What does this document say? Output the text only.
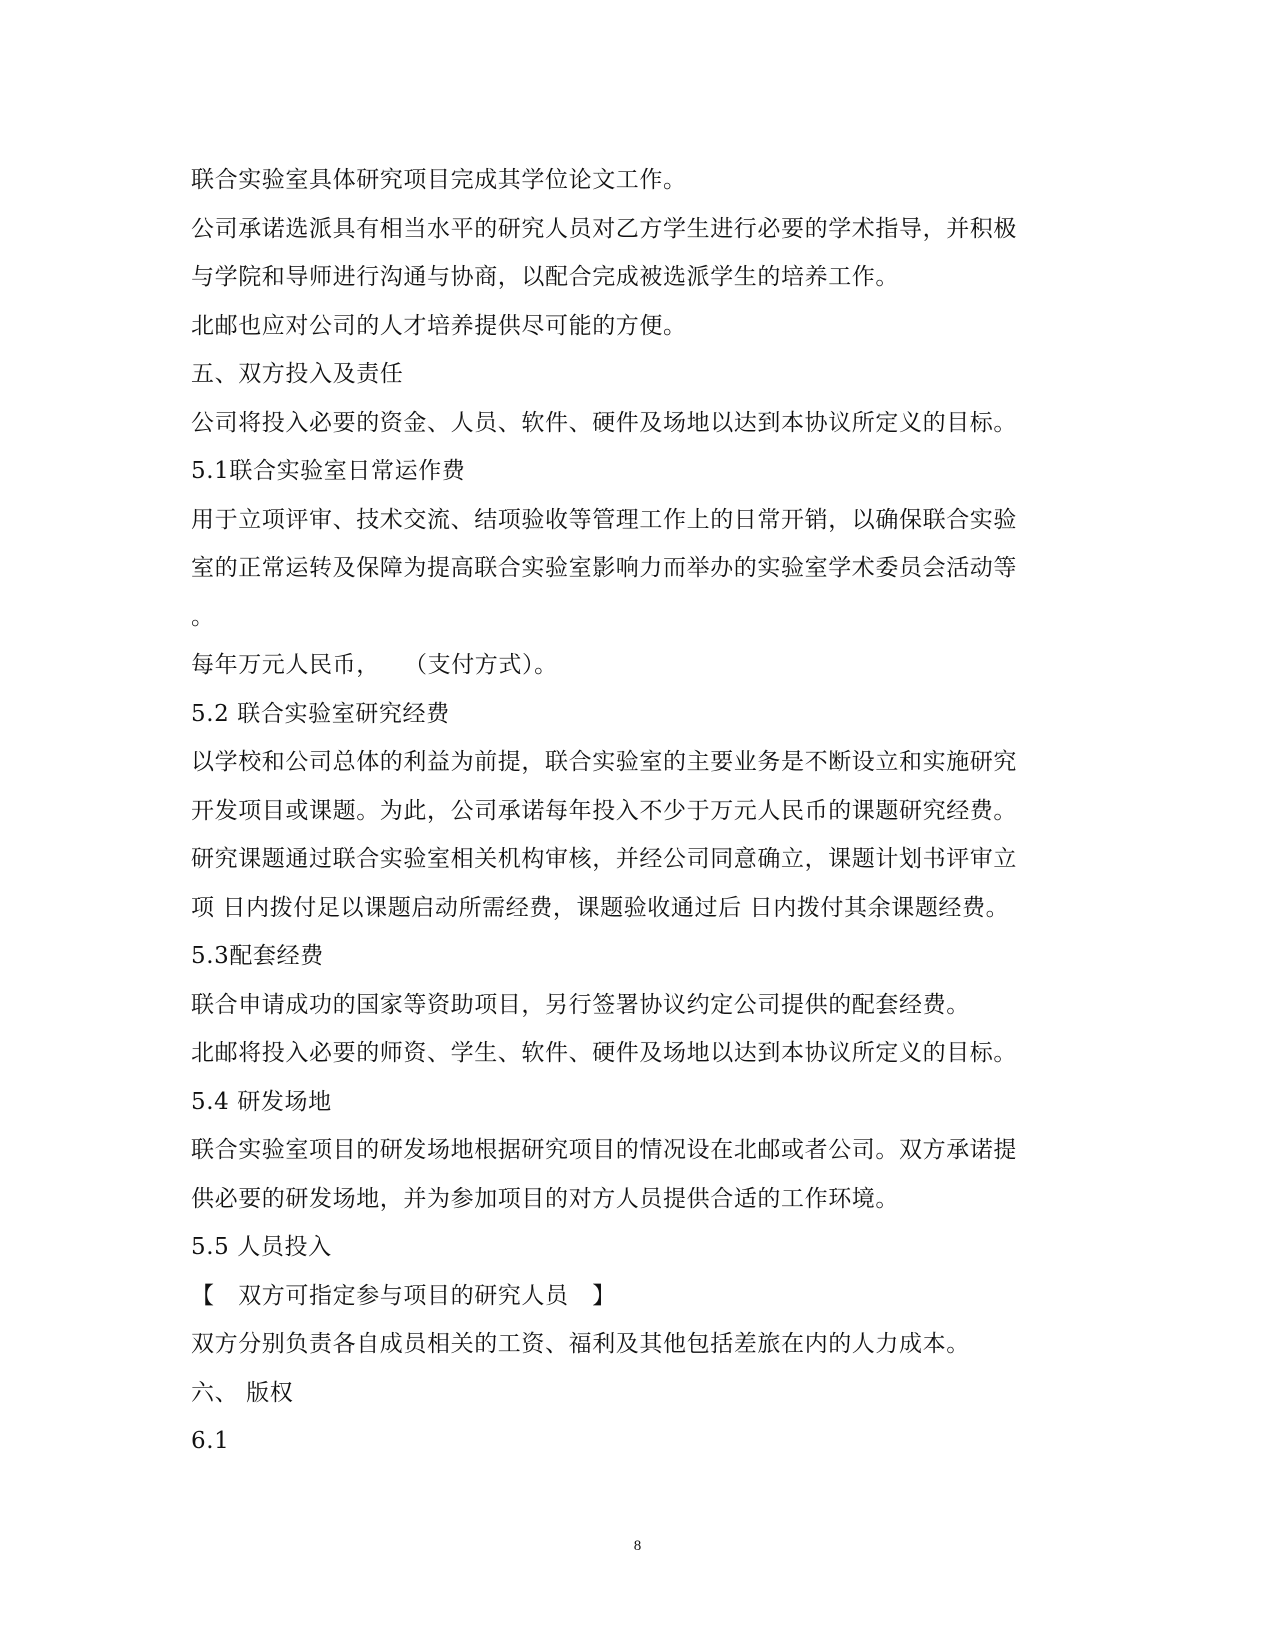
联合实验室具体研究项目完成其学位论文工作。
公司承诺选派具有相当水平的研究人员对乙方学生进行必要的学术指导，并积极
与学院和导师进行沟通与协商，以配合完成被选派学生的培养工作。
北邮也应对公司的人才培养提供尽可能的方便。
五、双方投入及责任
公司将投入必要的资金、人员、软件、硬件及场地以达到本协议所定义的目标。
5.1联合实验室日常运作费
用于立项评审、技术交流、结项验收等管理工作上的日常开销，以确保联合实验
室的正常运转及保障为提高联合实验室影响力而举办的实验室学术委员会活动等
。
每年万元人民币，　　（支付方式）。
5.2 联合实验室研究经费
以学校和公司总体的利益为前提，联合实验室的主要业务是不断设立和实施研究
开发项目或课题。为此，公司承诺每年投入不少于万元人民币的课题研究经费。
研究课题通过联合实验室相关机构审核，并经公司同意确立，课题计划书评审立
项 日内拨付足以课题启动所需经费，课题验收通过后 日内拨付其余课题经费。
5.3配套经费
联合申请成功的国家等资助项目，另行签署协议约定公司提供的配套经费。
北邮将投入必要的师资、学生、软件、硬件及场地以达到本协议所定义的目标。
5.4 研发场地
联合实验室项目的研发场地根据研究项目的情况设在北邮或者公司。双方承诺提
供必要的研发场地，并为参加项目的对方人员提供合适的工作环境。
5.5 人员投入
【　双方可指定参与项目的研究人员　】
双方分别负责各自成员相关的工资、福利及其他包括差旅在内的人力成本。
六、 版权
6.1
8
